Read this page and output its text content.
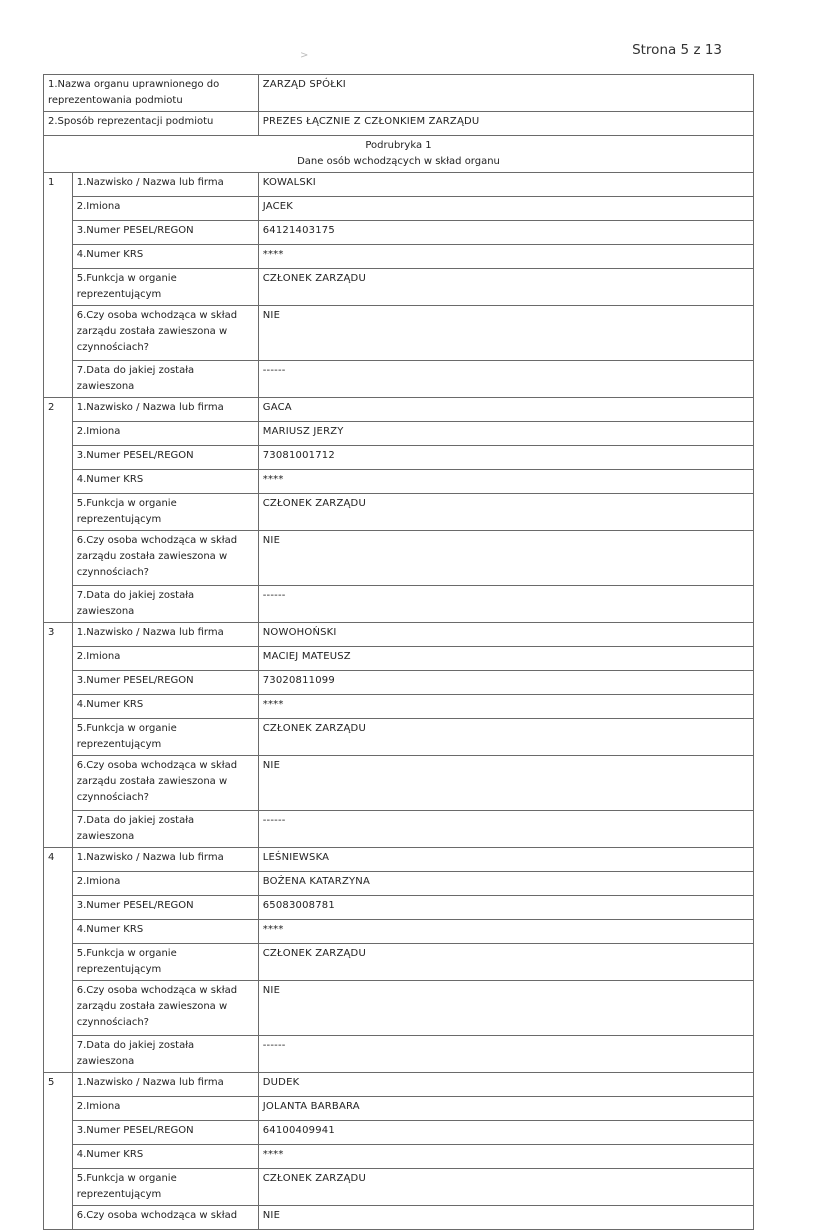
Strona 5 z 13
>
1.Nazwa organu uprawnionego do reprezentowania podmiotu		ZARZĄD SPÓŁKI
2.Sposób reprezentacji podmiotu		PREZES ŁĄCZNIE Z CZŁONKIEM ZARZĄDU

Podrubryka 1
Dane osób wchodzących w skład organu		

1	1.Nazwisko / Nazwa lub firma	KOWALSKI
	2.Imiona	JACEK
	3.Numer PESEL/REGON	64121403175
	4.Numer KRS	****
	5.Funkcja w organie reprezentującym	CZŁONEK ZARZĄDU
	6.Czy osoba wchodząca w skład zarządu została zawieszona w czynnościach?	NIE
	7.Data do jakiej została zawieszona	------
2	1.Nazwisko / Nazwa lub firma	GACA
	2.Imiona	MARIUSZ JERZY
	3.Numer PESEL/REGON	73081001712
	4.Numer KRS	****
	5.Funkcja w organie reprezentującym	CZŁONEK ZARZĄDU
	6.Czy osoba wchodząca w skład zarządu została zawieszona w czynnościach?	NIE
	7.Data do jakiej została zawieszona	------
3	1.Nazwisko / Nazwa lub firma	NOWOHOŃSKI
	2.Imiona	MACIEJ MATEUSZ
	3.Numer PESEL/REGON	73020811099
	4.Numer KRS	****
	5.Funkcja w organie reprezentującym	CZŁONEK ZARZĄDU
	6.Czy osoba wchodząca w skład zarządu została zawieszona w czynnościach?	NIE
	7.Data do jakiej została zawieszona	------
4	1.Nazwisko / Nazwa lub firma	LEŚNIEWSKA
	2.Imiona	BOŻENA KATARZYNA
	3.Numer PESEL/REGON	65083008781
	4.Numer KRS	****
	5.Funkcja w organie reprezentującym	CZŁONEK ZARZĄDU
	6.Czy osoba wchodząca w skład zarządu została zawieszona w czynnościach?	NIE
	7.Data do jakiej została zawieszona	------
5	1.Nazwisko / Nazwa lub firma	DUDEK
	2.Imiona	JOLANTA BARBARA
	3.Numer PESEL/REGON	64100409941
	4.Numer KRS	****
	5.Funkcja w organie reprezentującym	CZŁONEK ZARZĄDU
	6.Czy osoba wchodząca w skład	NIE
